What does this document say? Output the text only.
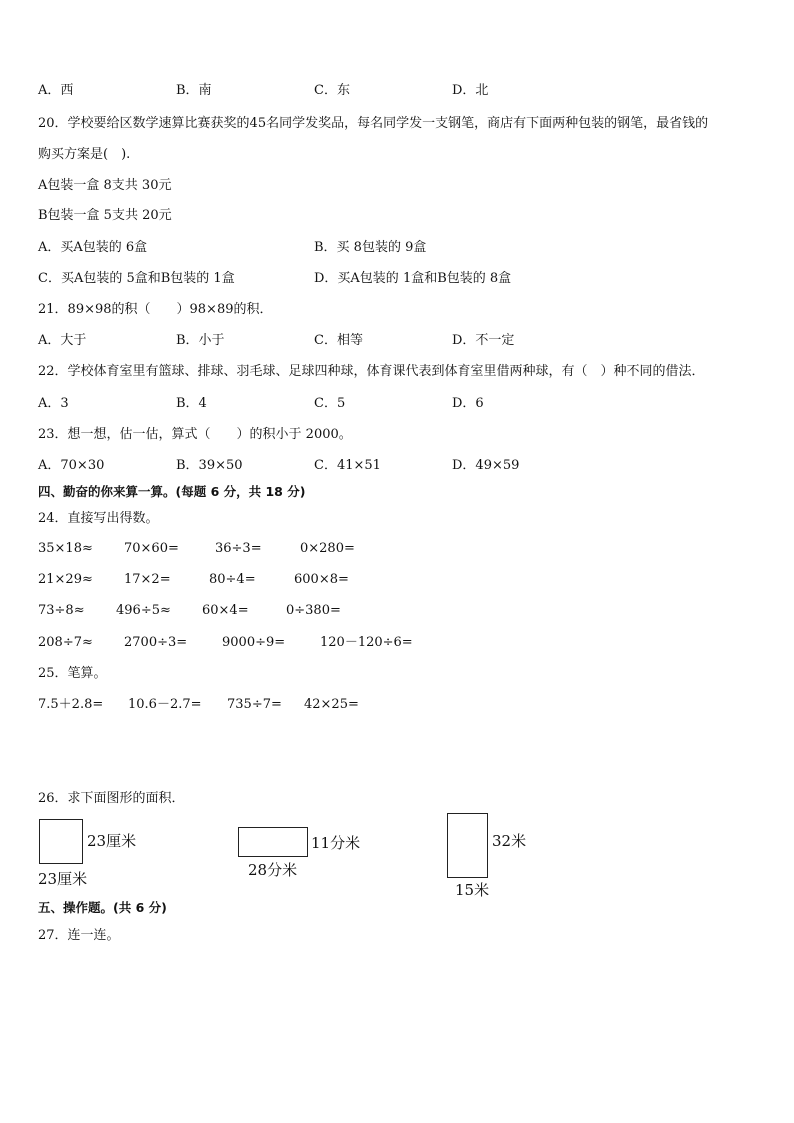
A．西	B．南	C．东	D．北
20．学校要给区数学速算比赛获奖的45名同学发奖品，每名同学发一支钢笔，商店有下面两种包装的钢笔，最省钱的
购买方案是(　).
A包装一盒 8支共 30元
B包装一盒 5支共 20元
A．买A包装的 6盒	B．买 8包装的 9盒
C．买A包装的 5盒和B包装的 1盒	D．买A包装的 1盒和B包装的 8盒
21．89×98的积（　　）98×89的积．
A．大于	B．小于	C．相等	D．不一定
22．学校体育室里有篮球、排球、羽毛球、足球四种球，体育课代表到体育室里借两种球，有（　）种不同的借法．
A．3	B．4	C．5	D．6
23．想一想，估一估，算式（　　）的积小于 2000。
A．70×30	B．39×50	C．41×51	D．49×59
四、勤奋的你来算一算。(每题 6 分，共 18 分)
24．直接写出得数。
35×18≈ 70×60=	36÷3=	0×280=
21×29≈ 17×2=	80÷4=	600×8=
73÷8≈ 496÷5≈ 60×4=	0÷380=
208÷7≈ 2700÷3=	9000÷9=	120－120÷6=
25．笔算。
7.5＋2.8= 10.6－2.7= 735÷7= 42×25=
26．求下面图形的面积．
23厘米
23厘米
11分米
28分米
32米
15米
五、操作题。(共 6 分)
27．连一连。
